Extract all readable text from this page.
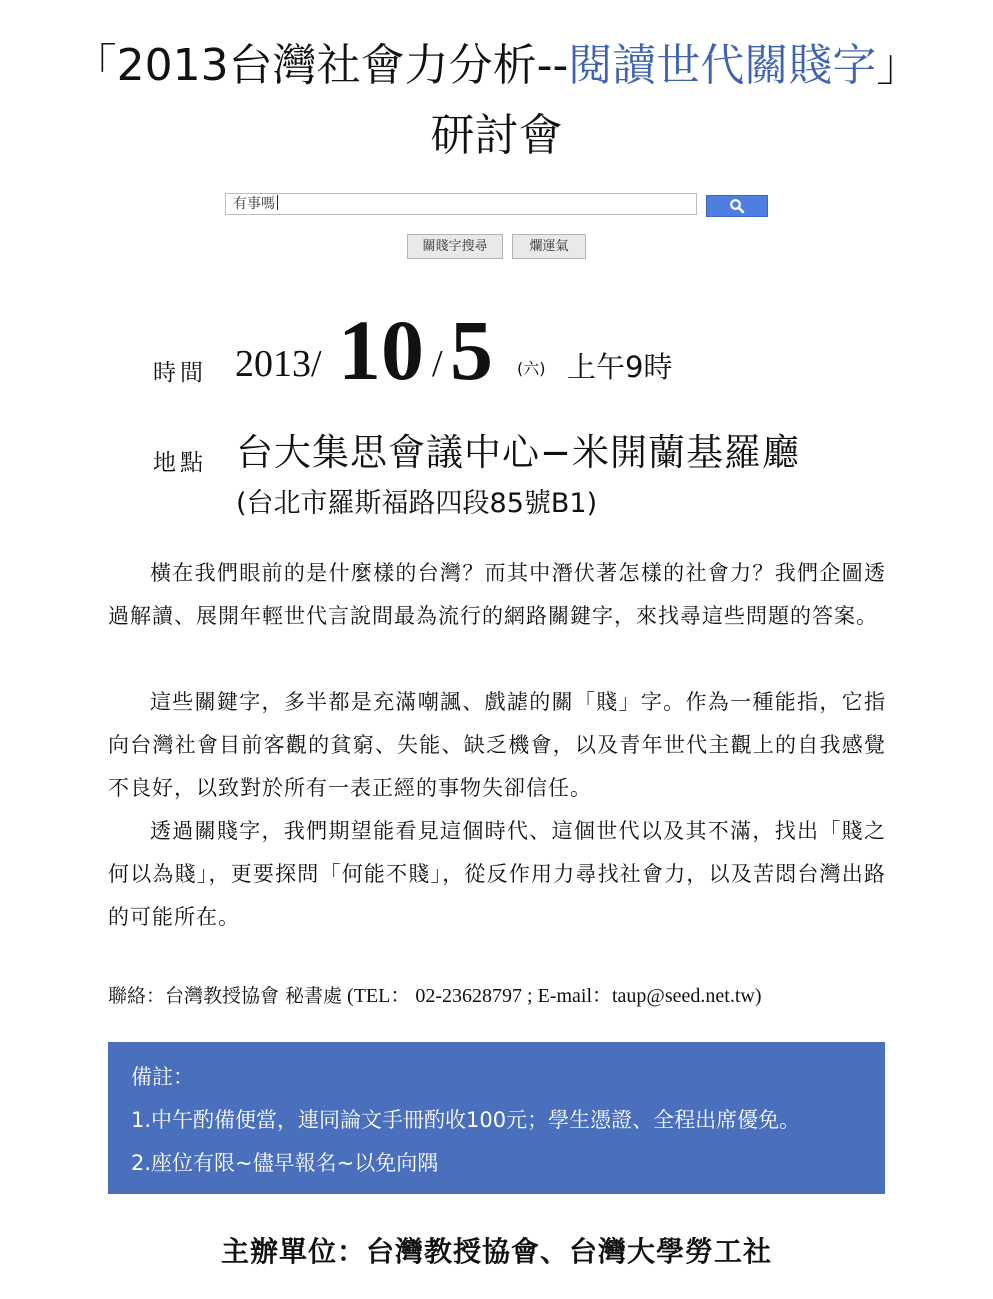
「2013台灣社會力分析--閱讀世代關賤字」
研討會
有事嗎
關賤字搜尋	爛運氣
時間 2013/ 10 / 5 (六) 上午9時
地點 台大集思會議中心−米開蘭基羅廳
(台北市羅斯福路四段85號B1)

橫在我們眼前的是什麼樣的台灣？而其中潛伏著怎樣的社會力？我們企圖透過解讀、展開年輕世代言說間最為流行的網路關鍵字，來找尋這些問題的答案。

這些關鍵字，多半都是充滿嘲諷、戲謔的關「賤」字。作為一種能指，它指向台灣社會目前客觀的貧窮、失能、缺乏機會，以及青年世代主觀上的自我感覺不良好，以致對於所有一表正經的事物失卻信任。

透過關賤字，我們期望能看見這個時代、這個世代以及其不滿，找出「賤之何以為賤」，更要探問「何能不賤」，從反作用力尋找社會力，以及苦悶台灣出路的可能所在。

聯絡：台灣教授協會 秘書處 (TEL： 02-23628797 ; E-mail：taup@seed.net.tw)
備註：
1.中午酌備便當，連同論文手冊酌收100元；學生憑證、全程出席優免。
2.座位有限~儘早報名~以免向隅
主辦單位：台灣教授協會、台灣大學勞工社
